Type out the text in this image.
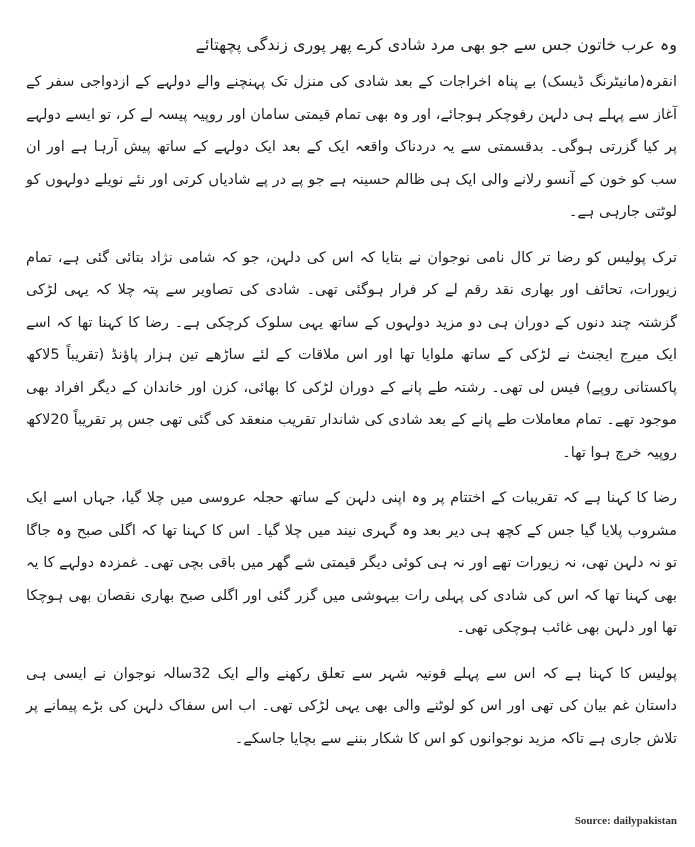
وہ عرب خاتون جس سے جو بھی مرد شادی کرے پھر پوری زندگی پچھتائے

انقرہ(مانیٹرنگ ڈیسک) بے پناہ اخراجات کے بعد شادی کی منزل تک پہنچنے والے دولہے کے ازدواجی سفر کے آغاز سے پہلے ہی دلہن رفوچکر ہوجائے، اور وہ بھی تمام قیمتی سامان اور روپیہ پیسہ لے کر، تو ایسے دولہے پر کیا گزرتی ہوگی۔ بدقسمتی سے یہ دردناک واقعہ ایک کے بعد ایک دولہے کے ساتھ پیش آرہا ہے اور ان سب کو خون کے آنسو رلانے والی ایک ہی ظالم حسینہ ہے جو پے در پے شادیاں کرتی اور نئے نویلے دولہوں کو لوٹتی جارہی ہے۔

ترک پولیس کو رضا تر کال نامی نوجوان نے بتایا کہ اس کی دلہن، جو کہ شامی نژاد بتائی گئی ہے، تمام زیورات، تحائف اور بھاری نقد رقم لے کر فرار ہوگئی تھی۔ شادی کی تصاویر سے پتہ چلا کہ یہی لڑکی گزشتہ چند دنوں کے دوران ہی دو مزید دولہوں کے ساتھ یہی سلوک کرچکی ہے۔ رضا کا کہنا تھا کہ اسے ایک میرج ایجنٹ نے لڑکی کے ساتھ ملوایا تھا اور اس ملاقات کے لئے ساڑھے تین ہزار پاؤنڈ (تقریباً 5لاکھ پاکستانی روپے) فیس لی تھی۔ رشتہ طے پانے کے دوران لڑکی کا بھائی، کزن اور خاندان کے دیگر افراد بھی موجود تھے۔ تمام معاملات طے پانے کے بعد شادی کی شاندار تقریب منعقد کی گئی تھی جس پر تقریباً 20لاکھ روپیہ خرچ ہوا تھا۔

رضا کا کہنا ہے کہ تقریبات کے اختتام پر وہ اپنی دلہن کے ساتھ حجلہ عروسی میں چلا گیا، جہاں اسے ایک مشروب پلایا گیا جس کے کچھ ہی دیر بعد وہ گہری نیند میں چلا گیا۔ اس کا کہنا تھا کہ اگلی صبح وہ جاگا تو نہ دلہن تھی، نہ زیورات تھے اور نہ ہی کوئی دیگر قیمتی شے گھر میں باقی بچی تھی۔ غمزدہ دولہے کا یہ بھی کہنا تھا کہ اس کی شادی کی پہلی رات بیہوشی میں گزر گئی اور اگلی صبح بھاری نقصان بھی ہوچکا تھا اور دلہن بھی غائب ہوچکی تھی۔

پولیس کا کہنا ہے کہ اس سے پہلے قونیہ شہر سے تعلق رکھنے والے ایک 32سالہ نوجوان نے ایسی ہی داستان غم بیان کی تھی اور اس کو لوٹنے والی بھی یہی لڑکی تھی۔ اب اس سفاک دلہن کی بڑے پیمانے پر تلاش جاری ہے تاکہ مزید نوجوانوں کو اس کا شکار بننے سے بچایا جاسکے۔

Source: dailypakistan
